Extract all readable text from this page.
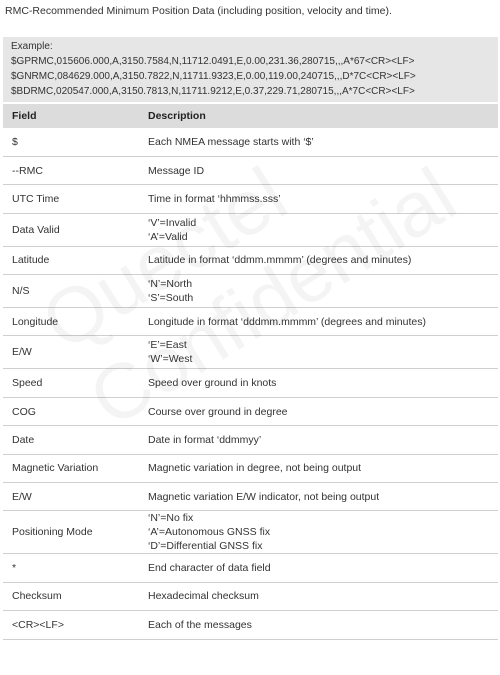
RMC-Recommended Minimum Position Data (including position, velocity and time).
Example:
$GPRMC,015606.000,A,3150.7584,N,11712.0491,E,0.00,231.36,280715,,,A*67<CR><LF>
$GNRMC,084629.000,A,3150.7822,N,11711.9323,E,0.00,119.00,240715,,,D*7C<CR><LF>
$BDRMC,020547.000,A,3150.7813,N,11711.9212,E,0.37,229.71,280715,,,A*7C<CR><LF>
Field	Description
$	Each NMEA message starts with ‘$’

--RMC	Message ID

UTC Time	Time in format ‘hhmmss.sss’

Data Valid	‘V’=Invalid
‘A’=Valid

Latitude	Latitude in format ‘ddmm.mmmm’ (degrees and minutes)

N/S	‘N’=North
‘S’=South

Longitude	Longitude in format ‘dddmm.mmmm’ (degrees and minutes)

E/W	‘E’=East
‘W’=West

Speed	Speed over ground in knots

COG	Course over ground in degree

Date	Date in format ‘ddmmyy’

Magnetic Variation	Magnetic variation in degree, not being output

E/W	Magnetic variation E/W indicator, not being output

Positioning Mode	‘N’=No fix
‘A’=Autonomous GNSS fix
‘D’=Differential GNSS fix

*	End character of data field

Checksum	Hexadecimal checksum

<CR><LF>	Each of the messages
